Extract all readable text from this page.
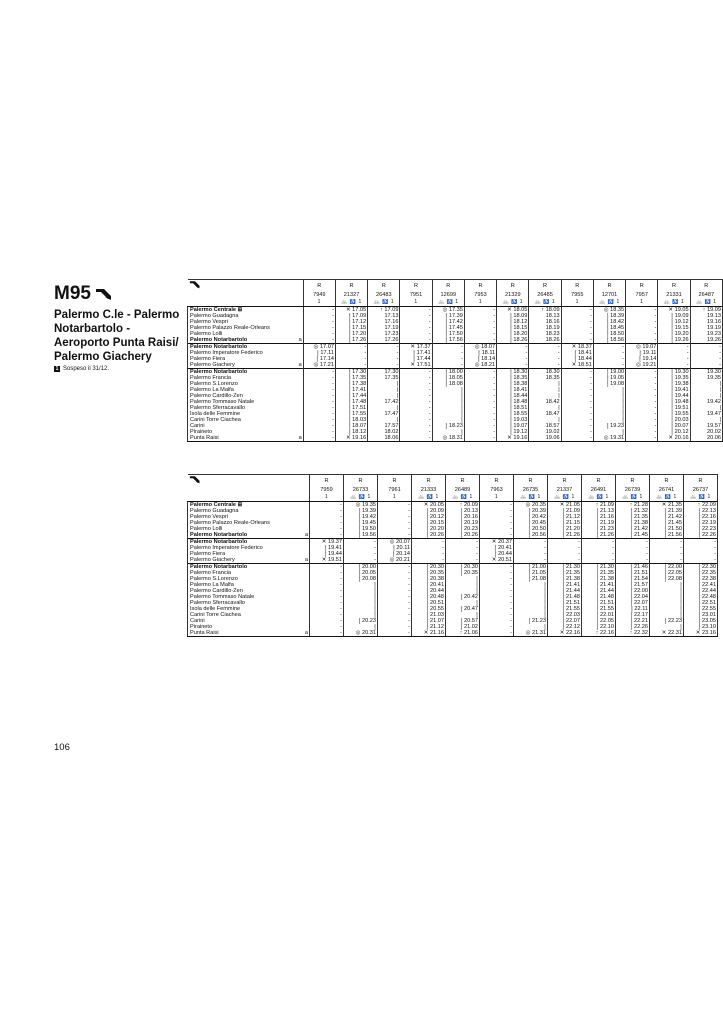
M95
Palermo C.le - Palermo Notarbartolo - Aeroporto Punta Raisi/ Palermo Giachery
1 Sospeso il 31/12.
	R	R	R	R	R	R	R	R	R	R	R	R	R
	7949	21327	26483	7951	12699	7953	21329	26485	7955	12701	7957	21331	26487
	1	🚲 ♿ 1	🚲 ♿ 1	1	🚲 ♿ 1	1	🚲 ♿ 1	🚲 ♿ 1	1	🚲 ♿ 1	1	🚲 ♿ 1	🚲 ♿ 1
Palermo Centrale ⊞	-	✕ 17.05	↑ 17.09	-	◎ 17.35	-	✕ 18.05	↑ 18.09	-	◎ 18.35	-	✕ 19.05	↑ 19.09
Palermo Guadagna	-	⸾ 17.09	17.13	-	⸾ 17.39	-	⸾ 18.09	18.13	-	⸾ 18.39	-	⸾ 19.09	19.13
Palermo Vespri	-	⸾ 17.12	17.16	-	⸾ 17.42	-	⸾ 18.12	18.16	-	⸾ 18.42	-	⸾ 19.12	19.16
Palermo Palazzo Reale-Orleans	-	⸾ 17.15	17.19	-	⸾ 17.45	-	⸾ 18.15	18.19	-	⸾ 18.45	-	⸾ 19.15	19.19
Palermo Lolli	-	⸾ 17.20	17.23	-	⸾ 17.50	-	⸾ 18.20	18.23	-	⸾ 18.50	-	⸾ 19.20	19.23
Palermo Notarbartolo a	-	⸾ 17.26	17.26	-	⸾ 17.56	-	⸾ 18.26	18.26	-	⸾ 18.56	-	⸾ 19.26	19.26
Palermo Notarbartolo	◎ 17.07	-	-	✕ 17.37	-	◎ 18.07	-	-	✕ 18.37	-	◎ 19.07	-	-
Palermo Imperatore Federico	⸾ 17.11	-	-	⸾ 17.41	-	⸾ 18.11	-	-	⸾ 18.41	-	⸾ 19.11	-	-
Palermo Fiera	⸾ 17.14	-	-	⸾ 17.44	-	⸾ 18.14	-	-	⸾ 18.44	-	⸾ 19.14	-	-
Palermo Giachery a	◎ 17.21	-	-	✕ 17.51	-	◎ 18.21	-	-	✕ 18.51	-	◎ 19.21	-	-
Palermo Notarbartolo	-	⸾ 17.30	17.30	-	⸾ 18.00	-	⸾ 18.30	18.30	-	⸾ 19.00	-	⸾ 19.30	19.30
Palermo Francia	-	⸾ 17.35	17.35	-	⸾ 18.05	-	⸾ 18.35	18.35	-	⸾ 19.05	-	⸾ 19.35	19.35
Palermo S.Lorenzo	-	⸾ 17.38	|	-	⸾ 18.08	-	⸾ 18.38	|	-	⸾ 19.08	-	⸾ 19.38	|
Palermo La Malfa	-	⸾ 17.41	|	-	⸾	-	⸾ 18.41	|	-	⸾	-	⸾ 19.41	|
Palermo Cardillo-Zen	-	⸾ 17.44	|	-	⸾	-	⸾ 18.44	|	-	⸾	-	⸾ 19.44	|
Palermo Tommaso Natale	-	⸾ 17.48	17.42	-	⸾	-	⸾ 18.48	18.42	-	⸾	-	⸾ 19.48	19.42
Palermo Sferracavallo	-	⸾ 17.51	|	-	⸾	-	⸾ 18.51	|	-	⸾	-	⸾ 19.51	|
Isola delle Femmine	-	⸾ 17.55	17.47	-	⸾	-	⸾ 18.55	18.47	-	⸾	-	⸾ 19.55	19.47
Carini Torre Ciachea	-	⸾ 18.03	|	-	⸾	-	⸾ 19.03	|	-	⸾	-	⸾ 20.03	|
Carini	-	⸾ 18.07	17.57	-	⸾ 18.23	-	⸾ 19.07	18.57	-	⸾ 19.23	-	⸾ 20.07	19.57
Piraineto	-	⸾ 18.12	18.02	-	⸾	-	⸾ 19.12	19.02	-	⸾	-	⸾ 20.12	20.02
Punta Raisi a	-	✕ 19.16	18.06	-	◎ 18.31	-	✕ 19.16	19.06	-	◎ 19.31	-	✕ 20.16	20.06
	R	R	R	R	R	R	R	R	R	R	R	R
	7959	26733	7961	21333	26489	7963	26735	21337	26491	26739	26741	26737
	1	🚲 ♿ 1	1	🚲 ♿ 1	🚲 ♿ 1	1	🚲 ♿ 1	🚲 ♿ 1	🚲 ♿ 1	🚲 ♿ 1	🚲 ♿ 1	🚲 ♿ 1
Palermo Centrale ⊞	-	◎ 19.35	-	✕ 20.05	↑ 20.09	-	◎ 20.35	✕ 21.05	↑ 21.09	↑ 21.28	✕ 21.35	↑ 22.09
Palermo Guadagna	-	⸾ 19.39	-	⸾ 20.09	⸾ 20.13	-	⸾ 20.39	⸾ 21.09	⸾ 21.13	⸾ 21.32	⸾ 21.39	⸾ 22.13
Palermo Vespri	-	⸾ 19.42	-	⸾ 20.12	⸾ 20.16	-	⸾ 20.42	⸾ 21.12	⸾ 21.16	⸾ 21.35	⸾ 21.42	⸾ 22.16
Palermo Palazzo Reale-Orleans	-	⸾ 19.45	-	⸾ 20.15	⸾ 20.19	-	⸾ 20.45	⸾ 21.15	⸾ 21.19	⸾ 21.38	⸾ 21.45	⸾ 22.19
Palermo Lolli	-	⸾ 19.50	-	⸾ 20.20	⸾ 20.23	-	⸾ 20.50	⸾ 21.20	⸾ 21.23	⸾ 21.42	⸾ 21.50	⸾ 22.23
Palermo Notarbartolo a	-	⸾ 19.56	-	⸾ 20.26	⸾ 20.26	-	⸾ 20.56	⸾ 21.26	⸾ 21.26	⸾ 21.45	⸾ 21.56	⸾ 22.26
Palermo Notarbartolo	✕ 19.37	-	◎ 20.07	-	-	✕ 20.37	-	-	-	-	-	-
Palermo Imperatore Federico	⸾ 19.41	-	⸾ 20.11	-	-	⸾ 20.41	-	-	-	-	-	-
Palermo Fiera	⸾ 19.44	-	⸾ 20.14	-	-	⸾ 20.44	-	-	-	-	-	-
Palermo Giachery a	✕ 19.51	-	◎ 20.21	-	-	✕ 20.51	-	-	-	-	-	-
Palermo Notarbartolo	-	⸾ 20.00	-	⸾ 20.30	⸾ 20.30	-	⸾ 21.00	⸾ 21.30	⸾ 21.30	⸾ 21.46	⸾ 22.00	⸾ 22.30
Palermo Francia	-	⸾ 20.05	-	⸾ 20.35	⸾ 20.35	-	⸾ 21.05	⸾ 21.35	⸾ 21.35	⸾ 21.51	⸾ 22.05	⸾ 22.35
Palermo S.Lorenzo	-	⸾ 20.08	-	⸾ 20.38	⸾	-	⸾ 21.08	⸾ 21.38	⸾ 21.38	⸾ 21.54	⸾ 22.08	⸾ 22.38
Palermo La Malfa	-	⸾	-	⸾ 20.41	⸾	-	⸾	⸾ 21.41	⸾ 21.41	⸾ 21.57	⸾	⸾ 22.41
Palermo Cardillo-Zen	-	⸾	-	⸾ 20.44	⸾	-	⸾	⸾ 21.44	⸾ 21.44	⸾ 22.00	⸾	⸾ 22.44
Palermo Tommaso Natale	-	⸾	-	⸾ 20.48	⸾ 20.42	-	⸾	⸾ 21.48	⸾ 21.48	⸾ 22.04	⸾	⸾ 22.48
Palermo Sferracavallo	-	⸾	-	⸾ 20.51	⸾	-	⸾	⸾ 21.51	⸾ 21.51	⸾ 22.07	⸾	⸾ 22.51
Isola delle Femmine	-	⸾	-	⸾ 20.55	⸾ 20.47	-	⸾	⸾ 21.55	⸾ 21.55	⸾ 22.11	⸾	⸾ 22.55
Carini Torre Ciachea	-	⸾	-	⸾ 21.03	⸾	-	⸾	⸾ 22.03	⸾ 22.01	⸾ 22.17	⸾	⸾ 23.01
Carini	-	⸾ 20.23	-	⸾ 21.07	⸾ 20.57	-	⸾ 21.23	⸾ 22.07	⸾ 22.05	⸾ 22.21	⸾ 22.23	⸾ 23.05
Piraineto	-	⸾	-	⸾ 21.12	⸾ 21.02	-	⸾	⸾ 22.12	⸾ 22.10	⸾ 22.26	⸾	⸾ 23.10
Punta Raisi a	-	◎ 20.31	-	✕ 21.16	↑ 21.06	-	◎ 21.31	✕ 22.16	↑ 22.16	↑ 22.32	✕ 22.31	✕ 23.16
106
